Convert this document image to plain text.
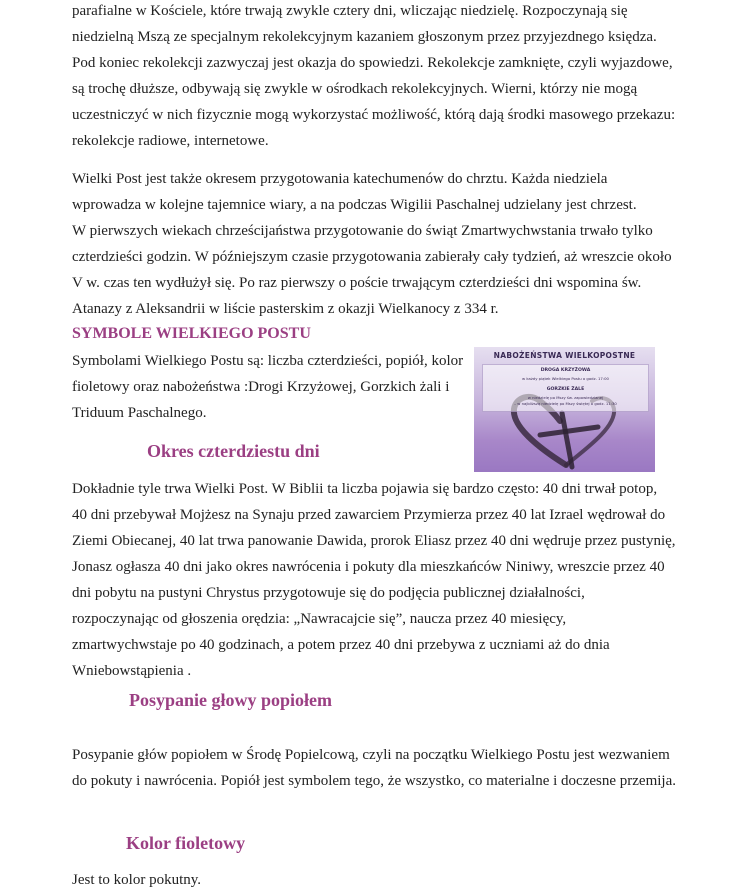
parafialne w Kościele, które trwają zwykle cztery dni, wliczając niedzielę. Rozpoczynają się
niedzielną Mszą ze specjalnym rekolekcyjnym kazaniem głoszonym przez przyjezdnego księdza.
Pod koniec rekolekcji zazwyczaj jest okazja do spowiedzi. Rekolekcje zamknięte, czyli wyjazdowe,
są trochę dłuższe, odbywają się zwykle w ośrodkach rekolekcyjnych. Wierni, którzy nie mogą
uczestniczyć w nich fizycznie mogą wykorzystać możliwość, którą dają środki masowego przekazu:
rekolekcje radiowe, internetowe.

Wielki Post jest także okresem przygotowania katechumenów do chrztu. Każda niedziela
wprowadza w kolejne tajemnice wiary, a na podczas Wigilii Paschalnej udzielany jest chrzest.
W pierwszych wiekach chrześcijaństwa przygotowanie do świąt Zmartwychwstania trwało tylko
czterdzieści godzin. W późniejszym czasie przygotowania zabierały cały tydzień, aż wreszcie około
V w. czas ten wydłużył się. Po raz pierwszy o poście trwającym czterdzieści dni wspomina św.
Atanazy z Aleksandrii w liście pasterskim z okazji Wielkanocy z 334 r.

SYMBOLE WIELKIEGO POSTU

Symbolami Wielkiego Postu są: liczba czterdzieści, popiół, kolor
fioletowy oraz nabożeństwa :Drogi Krzyżowej, Gorzkich żali i
Triduum Paschalnego.

NABOŻEŃSTWA WIELKOPOSTNE
DROGA KRZYŻOWA
w każdy piątek Wielkiego Postu o godz. 17:00
GORZKIE ŻALE
w niedzielę po Mszy św. zapowiedzianej
– w najbliższą niedzielę po Mszy świętej o godz. 11:30
Okres czterdziestu dni

Dokładnie tyle trwa Wielki Post. W Biblii ta liczba pojawia się bardzo często: 40 dni trwał potop,
40 dni przebywał Mojżesz na Synaju przed zawarciem Przymierza przez 40 lat Izrael wędrował do
Ziemi Obiecanej, 40 lat trwa panowanie Dawida, prorok Eliasz przez 40 dni wędruje przez pustynię,
Jonasz ogłasza 40 dni jako okres nawrócenia i pokuty dla mieszkańców Niniwy, wreszcie przez 40
dni pobytu na pustyni Chrystus przygotowuje się do podjęcia publicznej działalności,
rozpoczynając od głoszenia orędzia: „Nawracajcie się”, naucza przez 40 miesięcy,
zmartwychwstaje po 40 godzinach, a potem przez 40 dni przebywa z uczniami aż do dnia
Wniebowstąpienia .

Posypanie głowy popiołem

Posypanie głów popiołem w Środę Popielcową, czyli na początku Wielkiego Postu jest wezwaniem
do pokuty i nawrócenia. Popiół jest symbolem tego, że wszystko, co materialne i doczesne przemija.

Kolor fioletowy

Jest to kolor pokutny.
